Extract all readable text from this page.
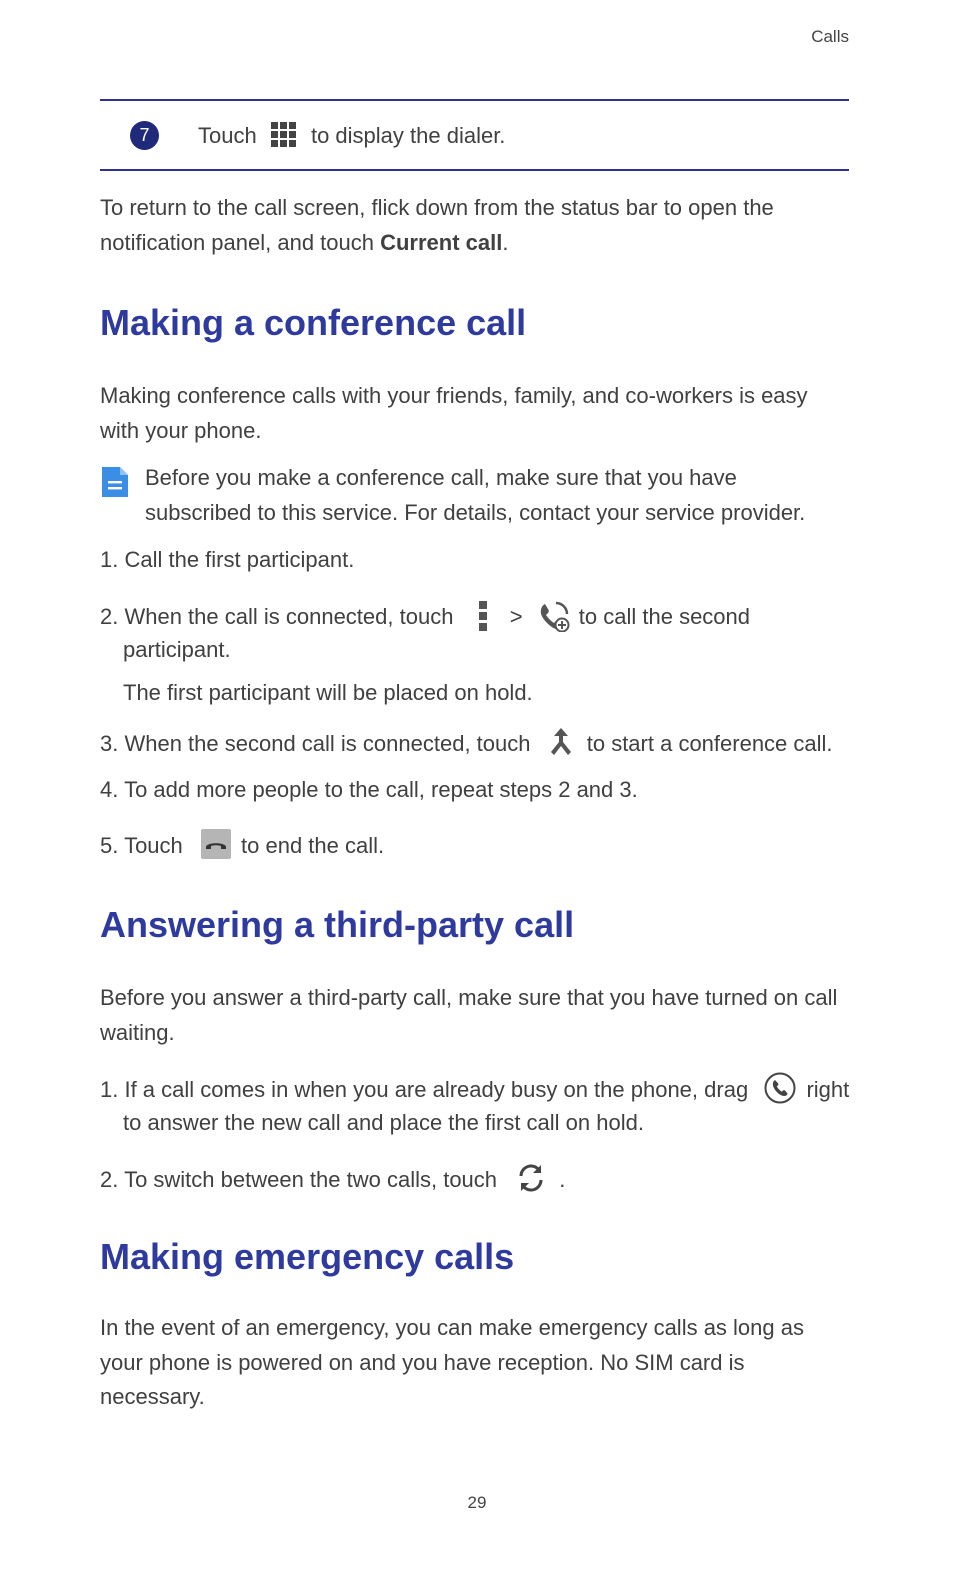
Calls
7	Touch to display the dialer.
To return to the call screen, flick down from the status bar to open the
notification panel, and touch Current call.
Making a conference call
Making conference calls with your friends, family, and co-workers is easy
with your phone.
Before you make a conference call, make sure that you have
subscribed to this service. For details, contact your service provider.
1. Call the first participant.
2. When the call is connected, touch	>	to call the second
participant.
The first participant will be placed on hold.
3. When the second call is connected, touch	to start a conference call.
4. To add more people to the call, repeat steps 2 and 3.
5. Touch	to end the call.
Answering a third-party call
Before you answer a third-party call, make sure that you have turned on call
waiting.
1. If a call comes in when you are already busy on the phone, drag	right
to answer the new call and place the first call on hold.
2. To switch between the two calls, touch	.
Making emergency calls
In the event of an emergency, you can make emergency calls as long as
your phone is powered on and you have reception. No SIM card is
necessary.
29
